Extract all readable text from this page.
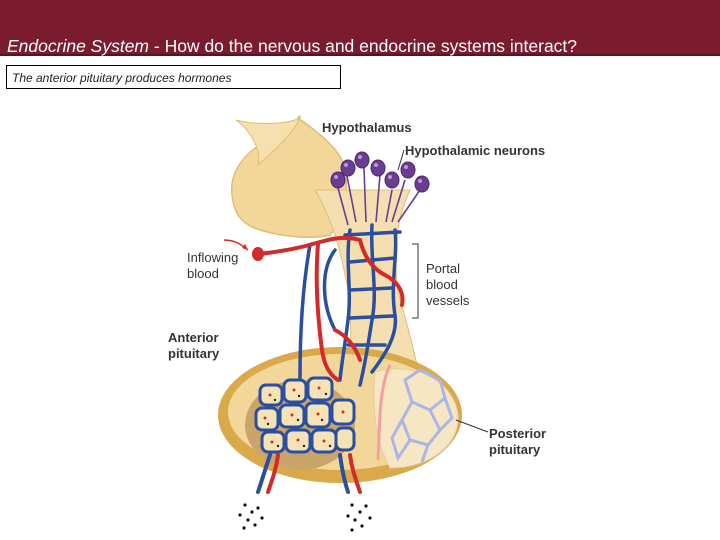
Endocrine System - How do the nervous and endocrine systems interact?
The anterior pituitary produces hormones
Hypothalamus
Hypothalamic neurons
Inflowing
blood	Portal
blood
vessels
Anterior
pituitary
Posterior
pituitary
